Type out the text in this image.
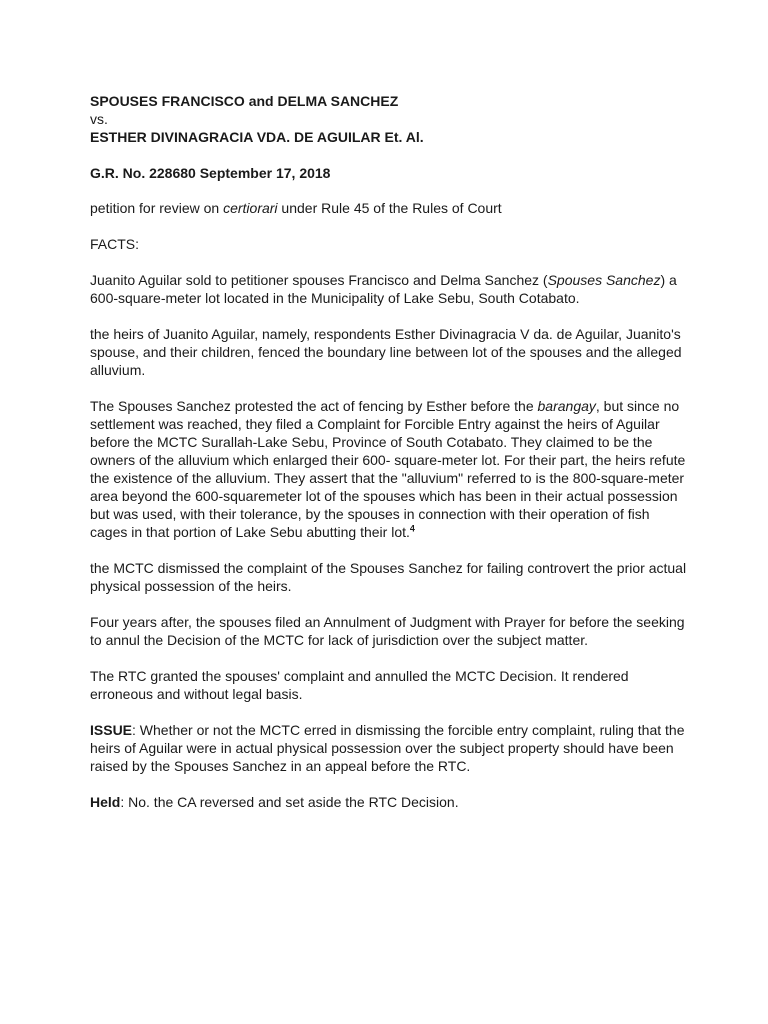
SPOUSES FRANCISCO and DELMA SANCHEZ
vs.
ESTHER DIVINAGRACIA VDA. DE AGUILAR Et. Al.

G.R. No. 228680 September 17, 2018

petition for review on certiorari under Rule 45 of the Rules of Court

FACTS:

Juanito Aguilar sold to petitioner spouses Francisco and Delma Sanchez (Spouses Sanchez) a 600-square-meter lot located in the Municipality of Lake Sebu, South Cotabato.

the heirs of Juanito Aguilar, namely, respondents Esther Divinagracia V da. de Aguilar, Juanito's spouse, and their children, fenced the boundary line between lot of the spouses and the alleged alluvium.

The Spouses Sanchez protested the act of fencing by Esther before the barangay, but since no settlement was reached, they filed a Complaint for Forcible Entry against the heirs of Aguilar before the MCTC Surallah-Lake Sebu, Province of South Cotabato. They claimed to be the owners of the alluvium which enlarged their 600- square-meter lot. For their part, the heirs refute the existence of the alluvium. They assert that the "alluvium" referred to is the 800-square-meter area beyond the 600-squaremeter lot of the spouses which has been in their actual possession but was used, with their tolerance, by the spouses in connection with their operation of fish cages in that portion of Lake Sebu abutting their lot.$^4$

the MCTC dismissed the complaint of the Spouses Sanchez for failing controvert the prior actual physical possession of the heirs.

Four years after, the spouses filed an Annulment of Judgment with Prayer for before the seeking to annul the Decision of the MCTC for lack of jurisdiction over the subject matter.

The RTC granted the spouses' complaint and annulled the MCTC Decision. It rendered erroneous and without legal basis.

ISSUE: Whether or not the MCTC erred in dismissing the forcible entry complaint, ruling that the heirs of Aguilar were in actual physical possession over the subject property should have been raised by the Spouses Sanchez in an appeal before the RTC.

Held: No. the CA reversed and set aside the RTC Decision.
